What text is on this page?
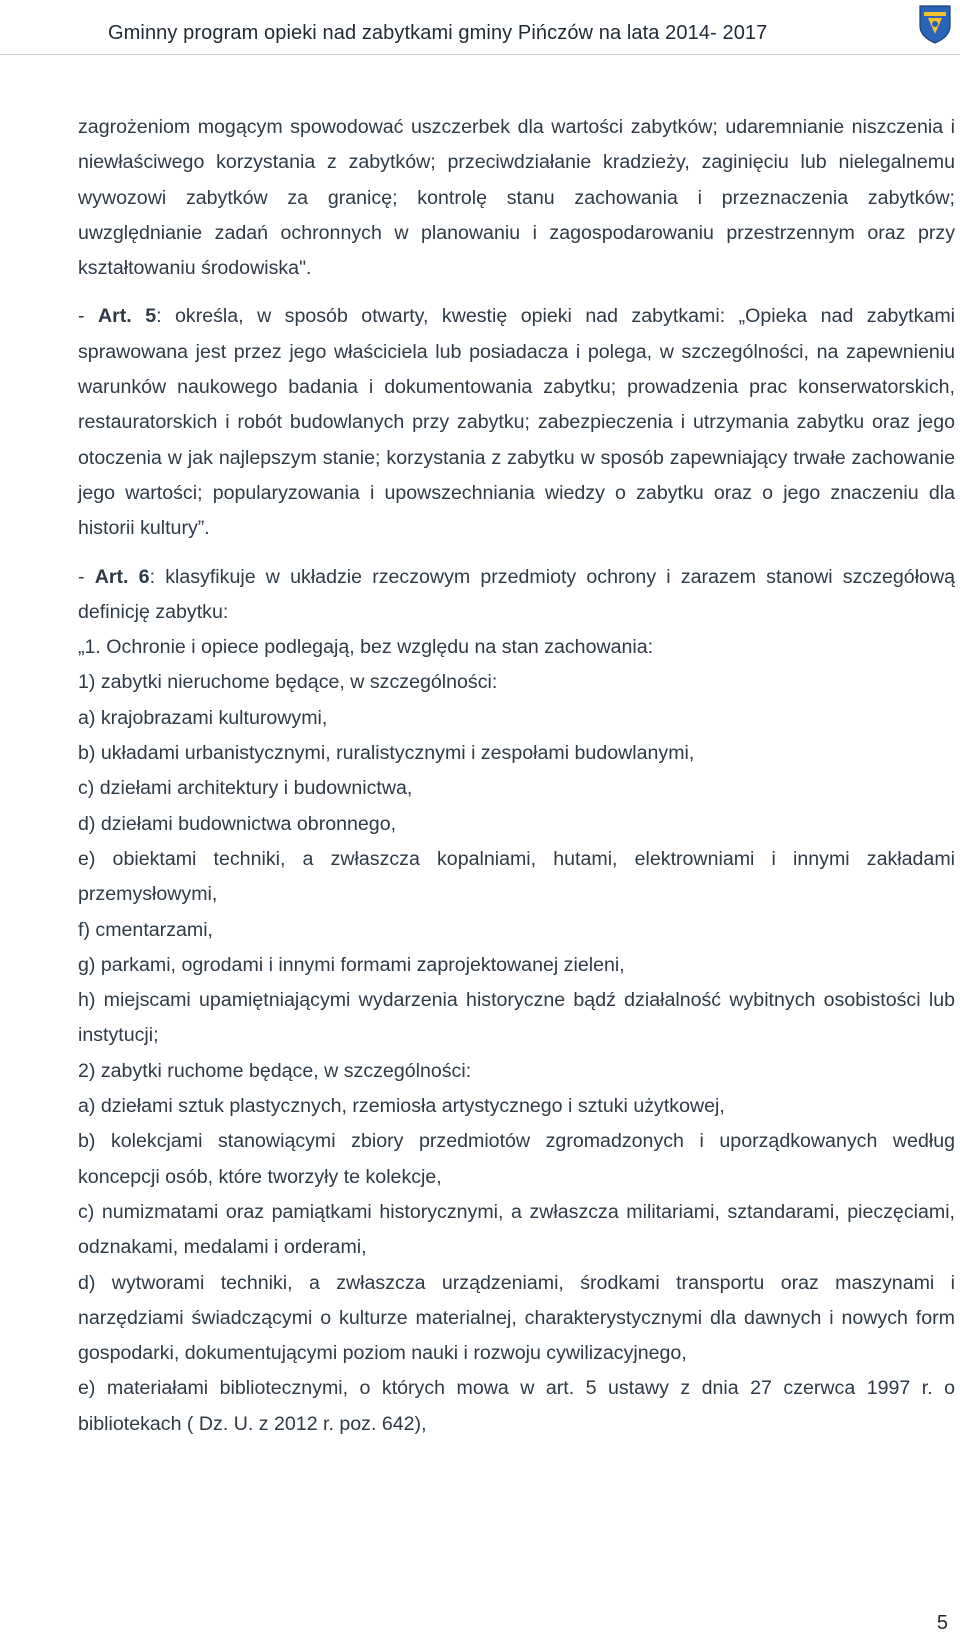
Gminny program opieki nad zabytkami gminy Pińczów na lata 2014- 2017

zagrożeniom mogącym spowodować uszczerbek dla wartości zabytków; udaremnianie niszczenia i niewłaściwego korzystania z zabytków; przeciwdziałanie kradzieży, zaginięciu lub nielegalnemu wywozowi zabytków za granicę; kontrolę stanu zachowania i przeznaczenia zabytków; uwzględnianie zadań ochronnych w planowaniu i zagospodarowaniu przestrzennym oraz przy kształtowaniu środowiska".

- Art. 5: określa, w sposób otwarty, kwestię opieki nad zabytkami: „Opieka nad zabytkami sprawowana jest przez jego właściciela lub posiadacza i polega, w szczególności, na zapewnieniu warunków naukowego badania i dokumentowania zabytku; prowadzenia prac konserwatorskich, restauratorskich i robót budowlanych przy zabytku; zabezpieczenia i utrzymania zabytku oraz jego otoczenia w jak najlepszym stanie; korzystania z zabytku w sposób zapewniający trwałe zachowanie jego wartości; popularyzowania i upowszechniania wiedzy o zabytku oraz o jego znaczeniu dla historii kultury”.

- Art. 6: klasyfikuje w układzie rzeczowym przedmioty ochrony i zarazem stanowi szczegółową definicję zabytku:

„1. Ochronie i opiece podlegają, bez względu na stan zachowania:

1) zabytki nieruchome będące, w szczególności:

a) krajobrazami kulturowymi,

b) układami urbanistycznymi, ruralistycznymi i zespołami budowlanymi,

c) dziełami architektury i budownictwa,

d) dziełami budownictwa obronnego,

e) obiektami techniki, a zwłaszcza kopalniami, hutami, elektrowniami i innymi zakładami przemysłowymi,

f) cmentarzami,

g) parkami, ogrodami i innymi formami zaprojektowanej zieleni,

h) miejscami upamiętniającymi wydarzenia historyczne bądź działalność wybitnych osobistości lub instytucji;

2) zabytki ruchome będące, w szczególności:

a) dziełami sztuk plastycznych, rzemiosła artystycznego i sztuki użytkowej,

b) kolekcjami stanowiącymi zbiory przedmiotów zgromadzonych i uporządkowanych według koncepcji osób, które tworzyły te kolekcje,

c) numizmatami oraz pamiątkami historycznymi, a zwłaszcza militariami, sztandarami, pieczęciami, odznakami, medalami i orderami,

d) wytworami techniki, a zwłaszcza urządzeniami, środkami transportu oraz maszynami i narzędziami świadczącymi o kulturze materialnej, charakterystycznymi dla dawnych i nowych form gospodarki, dokumentującymi poziom nauki i rozwoju cywilizacyjnego,

e) materiałami bibliotecznymi, o których mowa w art. 5 ustawy z dnia 27 czerwca 1997 r. o bibliotekach ( Dz. U. z 2012 r. poz. 642),

5
